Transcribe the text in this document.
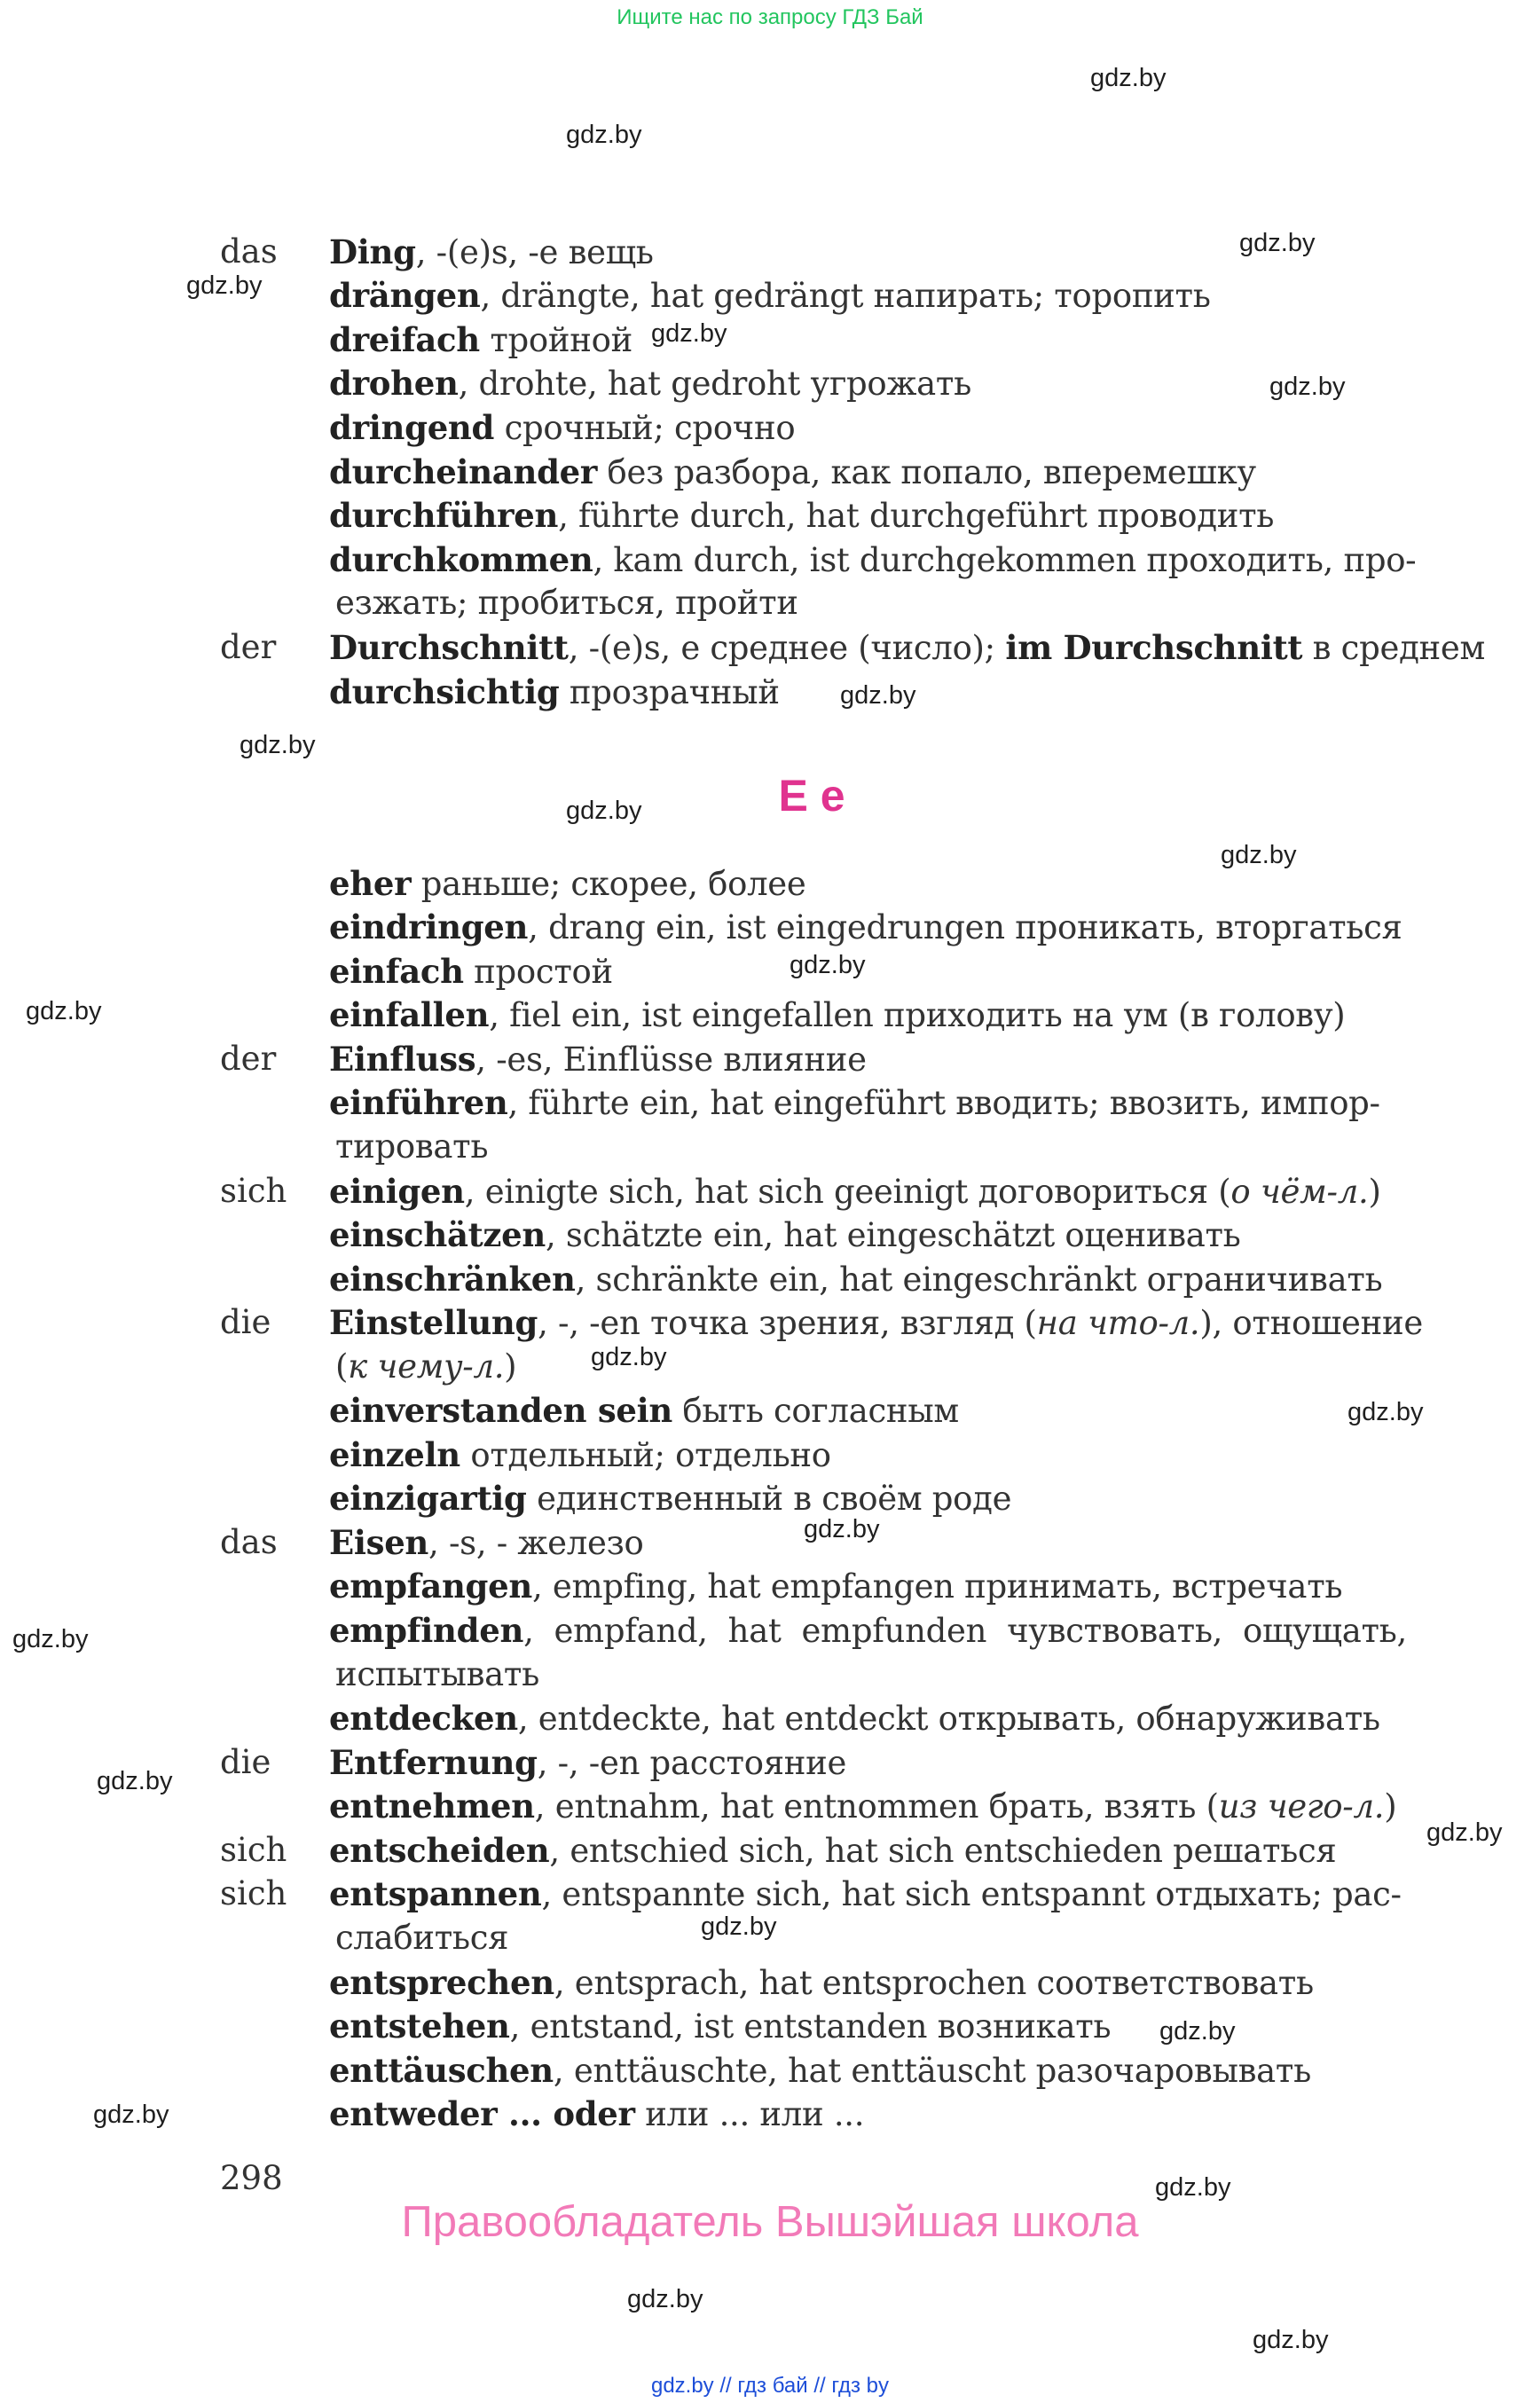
Ищите нас по запросу ГДЗ Бай
gdz.by
gdz.by
gdz.by
gdz.by
gdz.by
gdz.by
gdz.by
gdz.by
gdz.by
gdz.by
gdz.by
gdz.by
gdz.by
gdz.by
gdz.by
gdz.by
gdz.by
gdz.by
gdz.by
gdz.by
gdz.by
gdz.by
gdz.by
gdz.by
das Ding, -(e)s, -e вещь
drängen, drängte, hat gedrängt напирать; торопить
dreifach тройной
drohen, drohte, hat gedroht угрожать
dringend срочный; срочно
durcheinander без разбора, как попало, вперемешку
durchführen, führte durch, hat durchgeführt проводить
durchkommen, kam durch, ist durchgekommen проходить, про-
езжать; пробиться, пройти
der Durchschnitt, -(e)s, e среднее (число); im Durchschnitt в среднем
durchsichtig прозрачный
E e
eher раньше; скорее, более
eindringen, drang ein, ist eingedrungen проникать, вторгаться
einfach простой
einfallen, fiel ein, ist eingefallen приходить на ум (в голову)
der Einfluss, -es, Einflüsse влияние
einführen, führte ein, hat eingeführt вводить; ввозить, импор-
тировать
sich einigen, einigte sich, hat sich geeinigt договориться (о чём-л.)
einschätzen, schätzte ein, hat eingeschätzt оценивать
einschränken, schränkte ein, hat eingeschränkt ограничивать
die Einstellung, -, -en точка зрения, взгляд (на что-л.), отношение
(к чему-л.)
einverstanden sein быть согласным
einzeln отдельный; отдельно
einzigartig единственный в своём роде
das Eisen, -s, - железо
empfangen, empfing, hat empfangen принимать, встречать
empfinden,  empfand,  hat  empfunden  чувствовать,  ощущать,
испытывать
entdecken, entdeckte, hat entdeckt открывать, обнаруживать
die Entfernung, -, -en расстояние
entnehmen, entnahm, hat entnommen брать, взять (из чего-л.)
sich entscheiden, entschied sich, hat sich entschieden решаться
sich entspannen, entspannte sich, hat sich entspannt отдыхать; рас-
слабиться
entsprechen, entsprach, hat entsprochen соответствовать
entstehen, entstand, ist entstanden возникать
enttäuschen, enttäuschte, hat enttäuscht разочаровывать
entweder ... oder или ... или ...
298
Правообладатель Вышэйшая школа
gdz.by // гдз бай // гдз by
